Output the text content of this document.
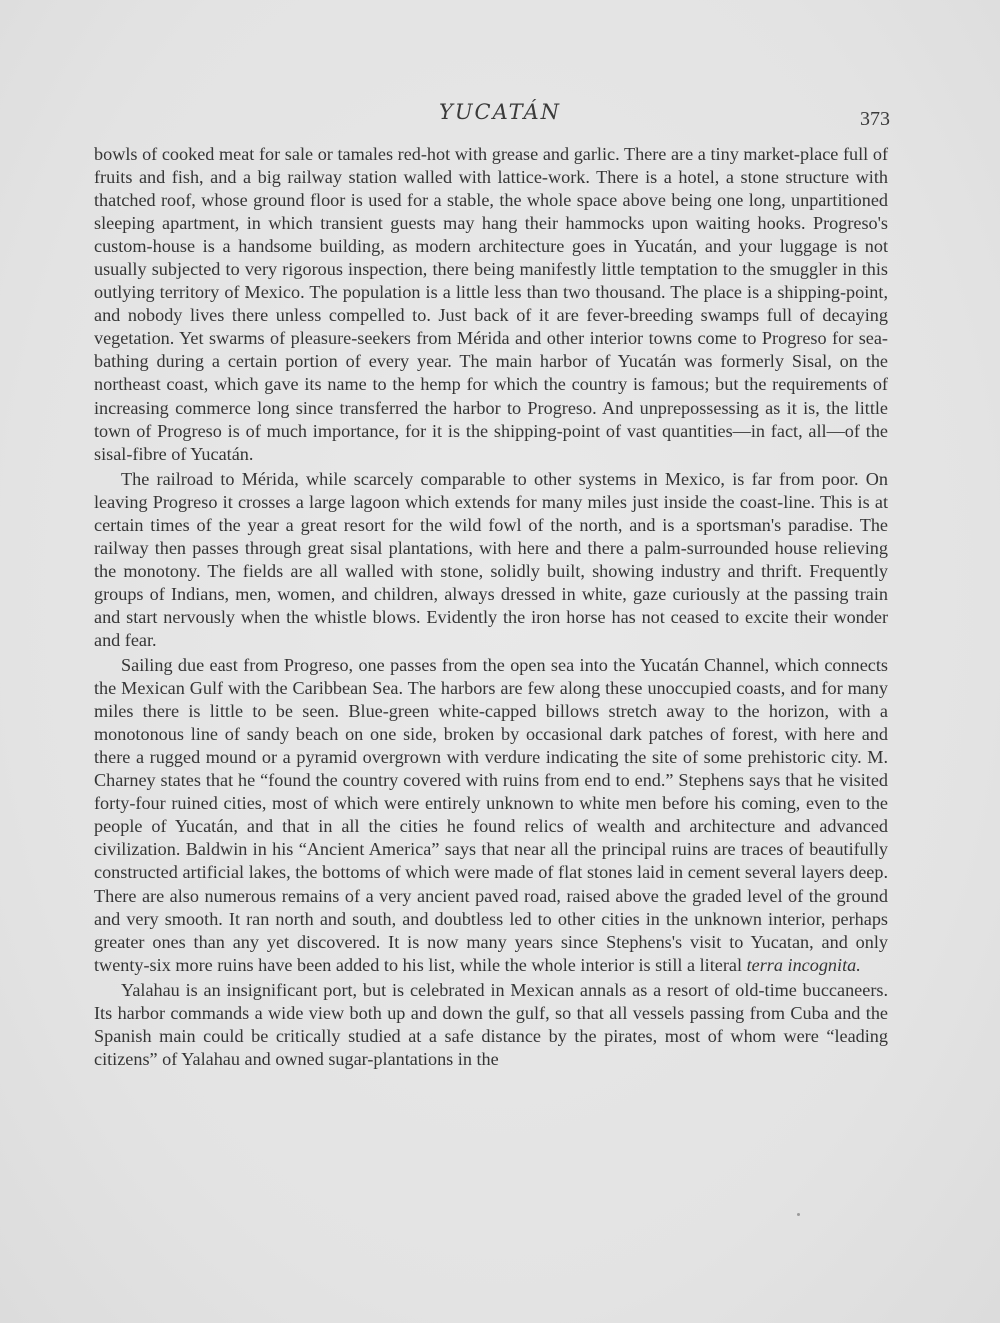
YUCATÁN	373

bowls of cooked meat for sale or tamales red-hot with grease and garlic. There are a tiny market-place full of fruits and fish, and a big railway station walled with lattice-work. There is a hotel, a stone structure with thatched roof, whose ground floor is used for a stable, the whole space above being one long, unpartitioned sleeping apartment, in which transient guests may hang their hammocks upon waiting hooks. Progreso's custom-house is a handsome building, as modern architecture goes in Yucatán, and your luggage is not usually subjected to very rigorous inspection, there being manifestly little temptation to the smuggler in this outlying territory of Mexico. The population is a little less than two thousand. The place is a shipping-point, and nobody lives there unless compelled to. Just back of it are fever-breeding swamps full of decaying vegetation. Yet swarms of pleasure-seekers from Mérida and other interior towns come to Progreso for sea-bathing during a certain portion of every year. The main harbor of Yucatán was formerly Sisal, on the northeast coast, which gave its name to the hemp for which the country is famous; but the requirements of increasing commerce long since transferred the harbor to Progreso. And unprepossessing as it is, the little town of Progreso is of much importance, for it is the shipping-point of vast quantities—in fact, all—of the sisal-fibre of Yucatán.

The railroad to Mérida, while scarcely comparable to other systems in Mexico, is far from poor. On leaving Progreso it crosses a large lagoon which extends for many miles just inside the coast-line. This is at certain times of the year a great resort for the wild fowl of the north, and is a sportsman's paradise. The railway then passes through great sisal plantations, with here and there a palm-surrounded house relieving the monotony. The fields are all walled with stone, solidly built, showing industry and thrift. Frequently groups of Indians, men, women, and children, always dressed in white, gaze curiously at the passing train and start nervously when the whistle blows. Evidently the iron horse has not ceased to excite their wonder and fear.

Sailing due east from Progreso, one passes from the open sea into the Yucatán Channel, which connects the Mexican Gulf with the Caribbean Sea. The harbors are few along these unoccupied coasts, and for many miles there is little to be seen. Blue-green white-capped billows stretch away to the horizon, with a monotonous line of sandy beach on one side, broken by occasional dark patches of forest, with here and there a rugged mound or a pyramid overgrown with verdure indicating the site of some prehistoric city. M. Charney states that he “found the country covered with ruins from end to end.” Stephens says that he visited forty-four ruined cities, most of which were entirely unknown to white men before his coming, even to the people of Yucatán, and that in all the cities he found relics of wealth and architecture and advanced civilization. Baldwin in his “Ancient America” says that near all the principal ruins are traces of beautifully constructed artificial lakes, the bottoms of which were made of flat stones laid in cement several layers deep. There are also numerous remains of a very ancient paved road, raised above the graded level of the ground and very smooth. It ran north and south, and doubtless led to other cities in the unknown interior, perhaps greater ones than any yet discovered. It is now many years since Stephens's visit to Yucatan, and only twenty-six more ruins have been added to his list, while the whole interior is still a literal terra incognita.

Yalahau is an insignificant port, but is celebrated in Mexican annals as a resort of old-time buccaneers. Its harbor commands a wide view both up and down the gulf, so that all vessels passing from Cuba and the Spanish main could be critically studied at a safe distance by the pirates, most of whom were “leading citizens” of Yalahau and owned sugar-plantations in the
